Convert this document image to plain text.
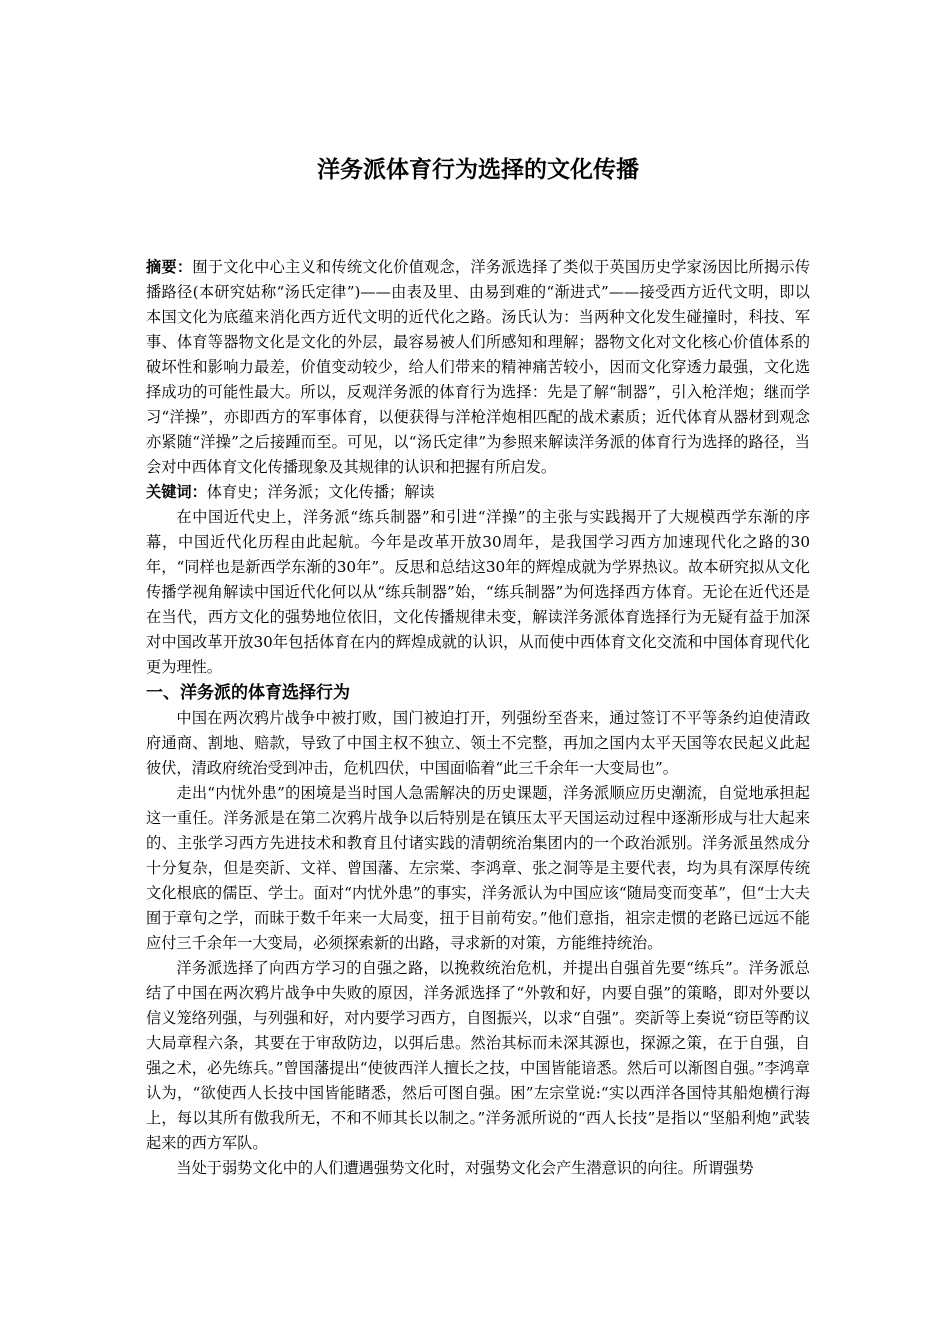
洋务派体育行为选择的文化传播

摘要：囿于文化中心主义和传统文化价值观念，洋务派选择了类似于英国历史学家汤因比所揭示传播路径(本研究姑称“汤氏定律”)——由表及里、由易到难的“渐进式”——接受西方近代文明，即以本国文化为底蕴来消化西方近代文明的近代化之路。汤氏认为：当两种文化发生碰撞时，科技、军事、体育等器物文化是文化的外层，最容易被人们所感知和理解；器物文化对文化核心价值体系的破坏性和影响力最差，价值变动较少，给人们带来的精神痛苦较小，因而文化穿透力最强，文化选择成功的可能性最大。所以，反观洋务派的体育行为选择：先是了解“制器”，引入枪洋炮；继而学习“洋操”，亦即西方的军事体育，以便获得与洋枪洋炮相匹配的战术素质；近代体育从器材到观念亦紧随“洋操”之后接踵而至。可见，以“汤氏定律”为参照来解读洋务派的体育行为选择的路径，当会对中西体育文化传播现象及其规律的认识和把握有所启发。

关键词：体育史；洋务派；文化传播；解读

在中国近代史上，洋务派“练兵制器”和引进“洋操”的主张与实践揭开了大规模西学东渐的序幕，中国近代化历程由此起航。今年是改革开放30周年，是我国学习西方加速现代化之路的30年，“同样也是新西学东渐的30年”。反思和总结这30年的辉煌成就为学界热议。故本研究拟从文化传播学视角解读中国近代化何以从“练兵制器”始，“练兵制器”为何选择西方体育。无论在近代还是在当代，西方文化的强势地位依旧，文化传播规律未变，解读洋务派体育选择行为无疑有益于加深对中国改革开放30年包括体育在内的辉煌成就的认识，从而使中西体育文化交流和中国体育现代化更为理性。

一、洋务派的体育选择行为

中国在两次鸦片战争中被打败，国门被迫打开，列强纷至沓来，通过签订不平等条约迫使清政府通商、割地、赔款，导致了中国主权不独立、领土不完整，再加之国内太平天国等农民起义此起彼伏，清政府统治受到冲击，危机四伏，中国面临着“此三千余年一大变局也”。

走出“内忧外患”的困境是当时国人急需解决的历史课题，洋务派顺应历史潮流，自觉地承担起这一重任。洋务派是在第二次鸦片战争以后特别是在镇压太平天国运动过程中逐渐形成与壮大起来的、主张学习西方先进技术和教育且付诸实践的清朝统治集团内的一个政治派别。洋务派虽然成分十分复杂，但是奕訢、文祥、曾国藩、左宗棠、李鸿章、张之洞等是主要代表，均为具有深厚传统文化根底的儒臣、学士。面对“内忧外患”的事实，洋务派认为中国应该“随局变而变革”，但“士大夫囿于章句之学，而昧于数千年来一大局变，扭于目前苟安。”他们意指，祖宗走惯的老路已远远不能应付三千余年一大变局，必须探索新的出路，寻求新的对策，方能维持统治。

洋务派选择了向西方学习的自强之路，以挽救统治危机，并提出自强首先要“练兵”。洋务派总结了中国在两次鸦片战争中失败的原因，洋务派选择了“外敦和好，内要自强”的策略，即对外要以信义笼络列强，与列强和好，对内要学习西方，自图振兴，以求“自强”。奕訢等上奏说“窃臣等酌议大局章程六条，其要在于审敌防边，以弭后患。然治其标而未深其源也，探源之策，在于自强，自强之术，必先练兵。”曾国藩提出“使彼西洋人擅长之技，中国皆能谙悉。然后可以渐图自强。”李鸿章认为，“欲使西人长技中国皆能睹悉，然后可图自强。困”左宗堂说:“实以西洋各国恃其船炮横行海上，每以其所有傲我所无，不和不师其长以制之。”洋务派所说的“西人长技”是指以“坚船利炮”武装起来的西方军队。

当处于弱势文化中的人们遭遇强势文化时，对强势文化会产生潜意识的向往。所谓强势
